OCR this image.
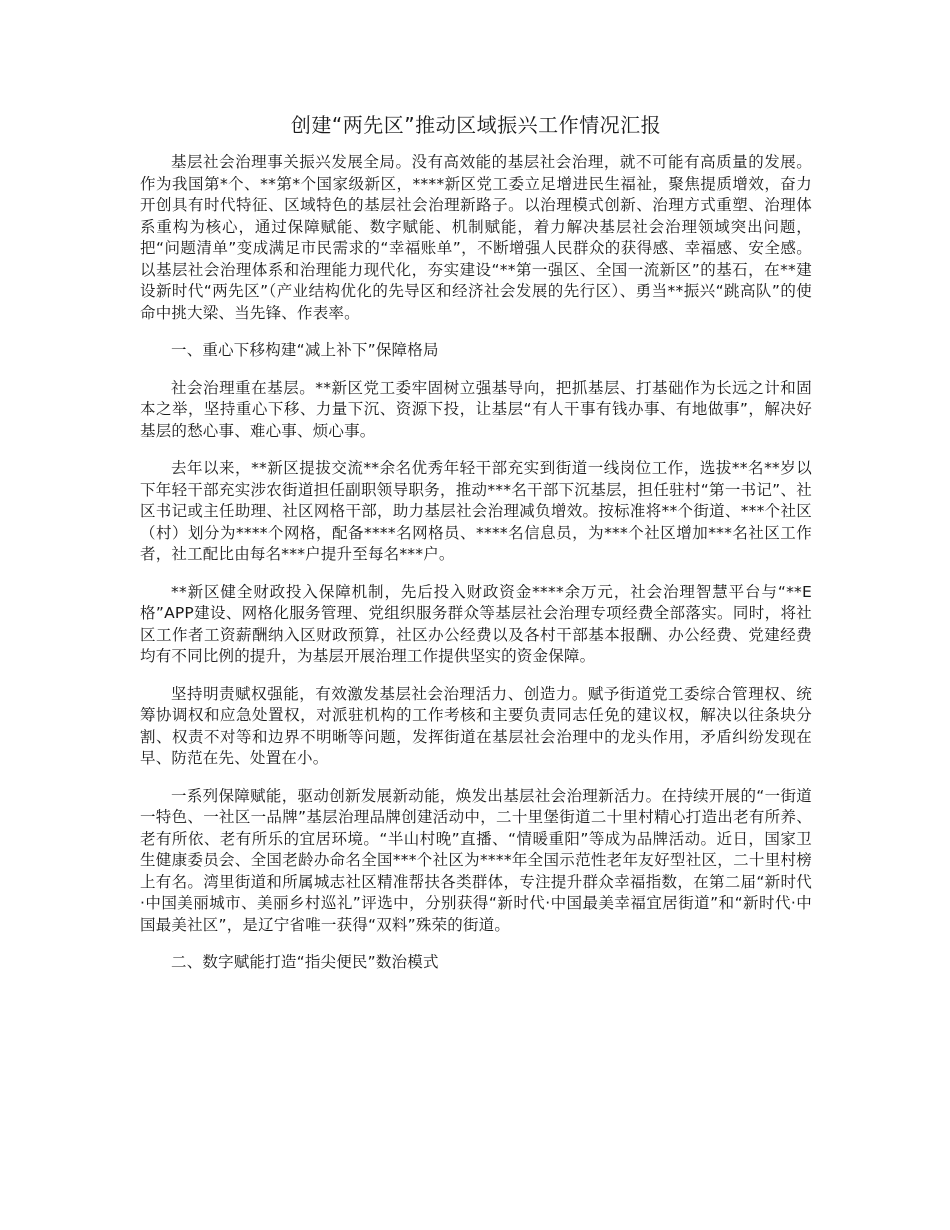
创建“两先区”推动区域振兴工作情况汇报

基层社会治理事关振兴发展全局。没有高效能的基层社会治理，就不可能有高质量的发展。作为我国第*个、**第*个国家级新区，****新区党工委立足增进民生福祉，聚焦提质增效，奋力开创具有时代特征、区域特色的基层社会治理新路子。以治理模式创新、治理方式重塑、治理体系重构为核心，通过保障赋能、数字赋能、机制赋能，着力解决基层社会治理领域突出问题，把“问题清单”变成满足市民需求的“幸福账单”，不断增强人民群众的获得感、幸福感、安全感。以基层社会治理体系和治理能力现代化，夯实建设“**第一强区、全国一流新区”的基石，在**建设新时代“两先区”（产业结构优化的先导区和经济社会发展的先行区）、勇当**振兴“跳高队”的使命中挑大梁、当先锋、作表率。

一、重心下移构建“减上补下”保障格局

社会治理重在基层。**新区党工委牢固树立强基导向，把抓基层、打基础作为长远之计和固本之举，坚持重心下移、力量下沉、资源下投，让基层“有人干事有钱办事、有地做事”，解决好基层的愁心事、难心事、烦心事。

去年以来，**新区提拔交流**余名优秀年轻干部充实到街道一线岗位工作，选拔**名**岁以下年轻干部充实涉农街道担任副职领导职务，推动***名干部下沉基层，担任驻村“第一书记”、社区书记或主任助理、社区网格干部，助力基层社会治理减负增效。按标准将**个街道、***个社区（村）划分为****个网格，配备****名网格员、****名信息员，为***个社区增加***名社区工作者，社工配比由每名***户提升至每名***户。

**新区健全财政投入保障机制，先后投入财政资金****余万元，社会治理智慧平台与“**E格”APP建设、网格化服务管理、党组织服务群众等基层社会治理专项经费全部落实。同时，将社区工作者工资薪酬纳入区财政预算，社区办公经费以及各村干部基本报酬、办公经费、党建经费均有不同比例的提升，为基层开展治理工作提供坚实的资金保障。

坚持明责赋权强能，有效激发基层社会治理活力、创造力。赋予街道党工委综合管理权、统筹协调权和应急处置权，对派驻机构的工作考核和主要负责同志任免的建议权，解决以往条块分割、权责不对等和边界不明晰等问题，发挥街道在基层社会治理中的龙头作用，矛盾纠纷发现在早、防范在先、处置在小。

一系列保障赋能，驱动创新发展新动能，焕发出基层社会治理新活力。在持续开展的“一街道一特色、一社区一品牌”基层治理品牌创建活动中，二十里堡街道二十里村精心打造出老有所养、老有所依、老有所乐的宜居环境。“半山村晚”直播、“情暖重阳”等成为品牌活动。近日，国家卫生健康委员会、全国老龄办命名全国***个社区为****年全国示范性老年友好型社区，二十里村榜上有名。湾里街道和所属城志社区精准帮扶各类群体，专注提升群众幸福指数，在第二届“新时代·中国美丽城市、美丽乡村巡礼”评选中，分别获得“新时代·中国最美幸福宜居街道”和“新时代·中国最美社区”，是辽宁省唯一获得“双料”殊荣的街道。

二、数字赋能打造“指尖便民”数治模式
